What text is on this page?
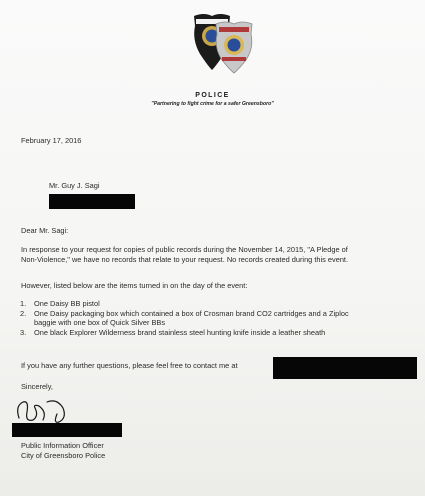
POLICE
"Partnering to fight crime for a safer Greensboro"
February 17, 2016
Mr. Guy J. Sagi
Dear Mr. Sagi:
In response to your request for copies of public records during the November 14, 2015, "A Pledge of
Non-Violence," we have no records that relate to your request. No records created during this event.
However, listed below are the items turned in on the day of the event:
1. One Daisy BB pistol
2. One Daisy packaging box which contained a box of Crosman brand CO2 cartridges and a Ziploc
baggie with one box of Quick Silver BBs
3. One black Explorer Wilderness brand stainless steel hunting knife inside a leather sheath
If you have any further questions, please feel free to contact me at
Sincerely,
Public Information Officer
City of Greensboro Police
